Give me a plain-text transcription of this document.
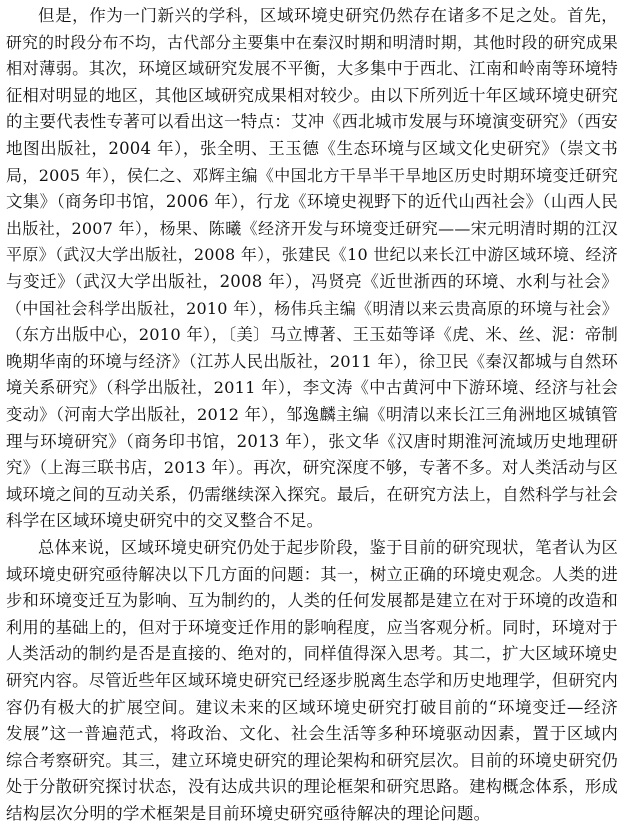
但是，作为一门新兴的学科，区域环境史研究仍然存在诸多不足之处。首先，
研究的时段分布不均，古代部分主要集中在秦汉时期和明清时期，其他时段的研究成果
相对薄弱。其次，环境区域研究发展不平衡，大多集中于西北、江南和岭南等环境特
征相对明显的地区，其他区域研究成果相对较少。由以下所列近十年区域环境史研究
的主要代表性专著可以看出这一特点：艾冲《西北城市发展与环境演变研究》（西安
地图出版社，2004 年），张全明、王玉德《生态环境与区域文化史研究》（崇文书
局，2005 年），侯仁之、邓辉主编《中国北方干旱半干旱地区历史时期环境变迁研究
文集》（商务印书馆，2006 年），行龙《环境史视野下的近代山西社会》（山西人民
出版社，2007 年），杨果、陈曦《经济开发与环境变迁研究——宋元明清时期的江汉
平原》（武汉大学出版社，2008 年），张建民《10 世纪以来长江中游区域环境、经济
与变迁》（武汉大学出版社，2008 年），冯贤亮《近世浙西的环境、水利与社会》
（中国社会科学出版社，2010 年），杨伟兵主编《明清以来云贵高原的环境与社会》
（东方出版中心，2010 年），〔美〕马立博著、王玉茹等译《虎、米、丝、泥：帝制
晚期华南的环境与经济》（江苏人民出版社，2011 年），徐卫民《秦汉都城与自然环
境关系研究》（科学出版社，2011 年），李文涛《中古黄河中下游环境、经济与社会
变动》（河南大学出版社，2012 年），邹逸麟主编《明清以来长江三角洲地区城镇管
理与环境研究》（商务印书馆，2013 年），张文华《汉唐时期淮河流域历史地理研
究》（上海三联书店，2013 年）。再次，研究深度不够，专著不多。对人类活动与区
域环境之间的互动关系，仍需继续深入探究。最后，在研究方法上，自然科学与社会
科学在区域环境史研究中的交叉整合不足。
总体来说，区域环境史研究仍处于起步阶段，鉴于目前的研究现状，笔者认为区
域环境史研究亟待解决以下几方面的问题：其一，树立正确的环境史观念。人类的进
步和环境变迁互为影响、互为制约的，人类的任何发展都是建立在对于环境的改造和
利用的基础上的，但对于环境变迁作用的影响程度，应当客观分析。同时，环境对于
人类活动的制约是否是直接的、绝对的，同样值得深入思考。其二，扩大区域环境史
研究内容。尽管近些年区域环境史研究已经逐步脱离生态学和历史地理学，但研究内
容仍有极大的扩展空间。建议未来的区域环境史研究打破目前的“环境变迁—经济
发展”这一普遍范式，将政治、文化、社会生活等多种环境驱动因素，置于区域内
综合考察研究。其三，建立环境史研究的理论架构和研究层次。目前的环境史研究仍
处于分散研究探讨状态，没有达成共识的理论框架和研究思路。建构概念体系，形成
结构层次分明的学术框架是目前环境史研究亟待解决的理论问题。
